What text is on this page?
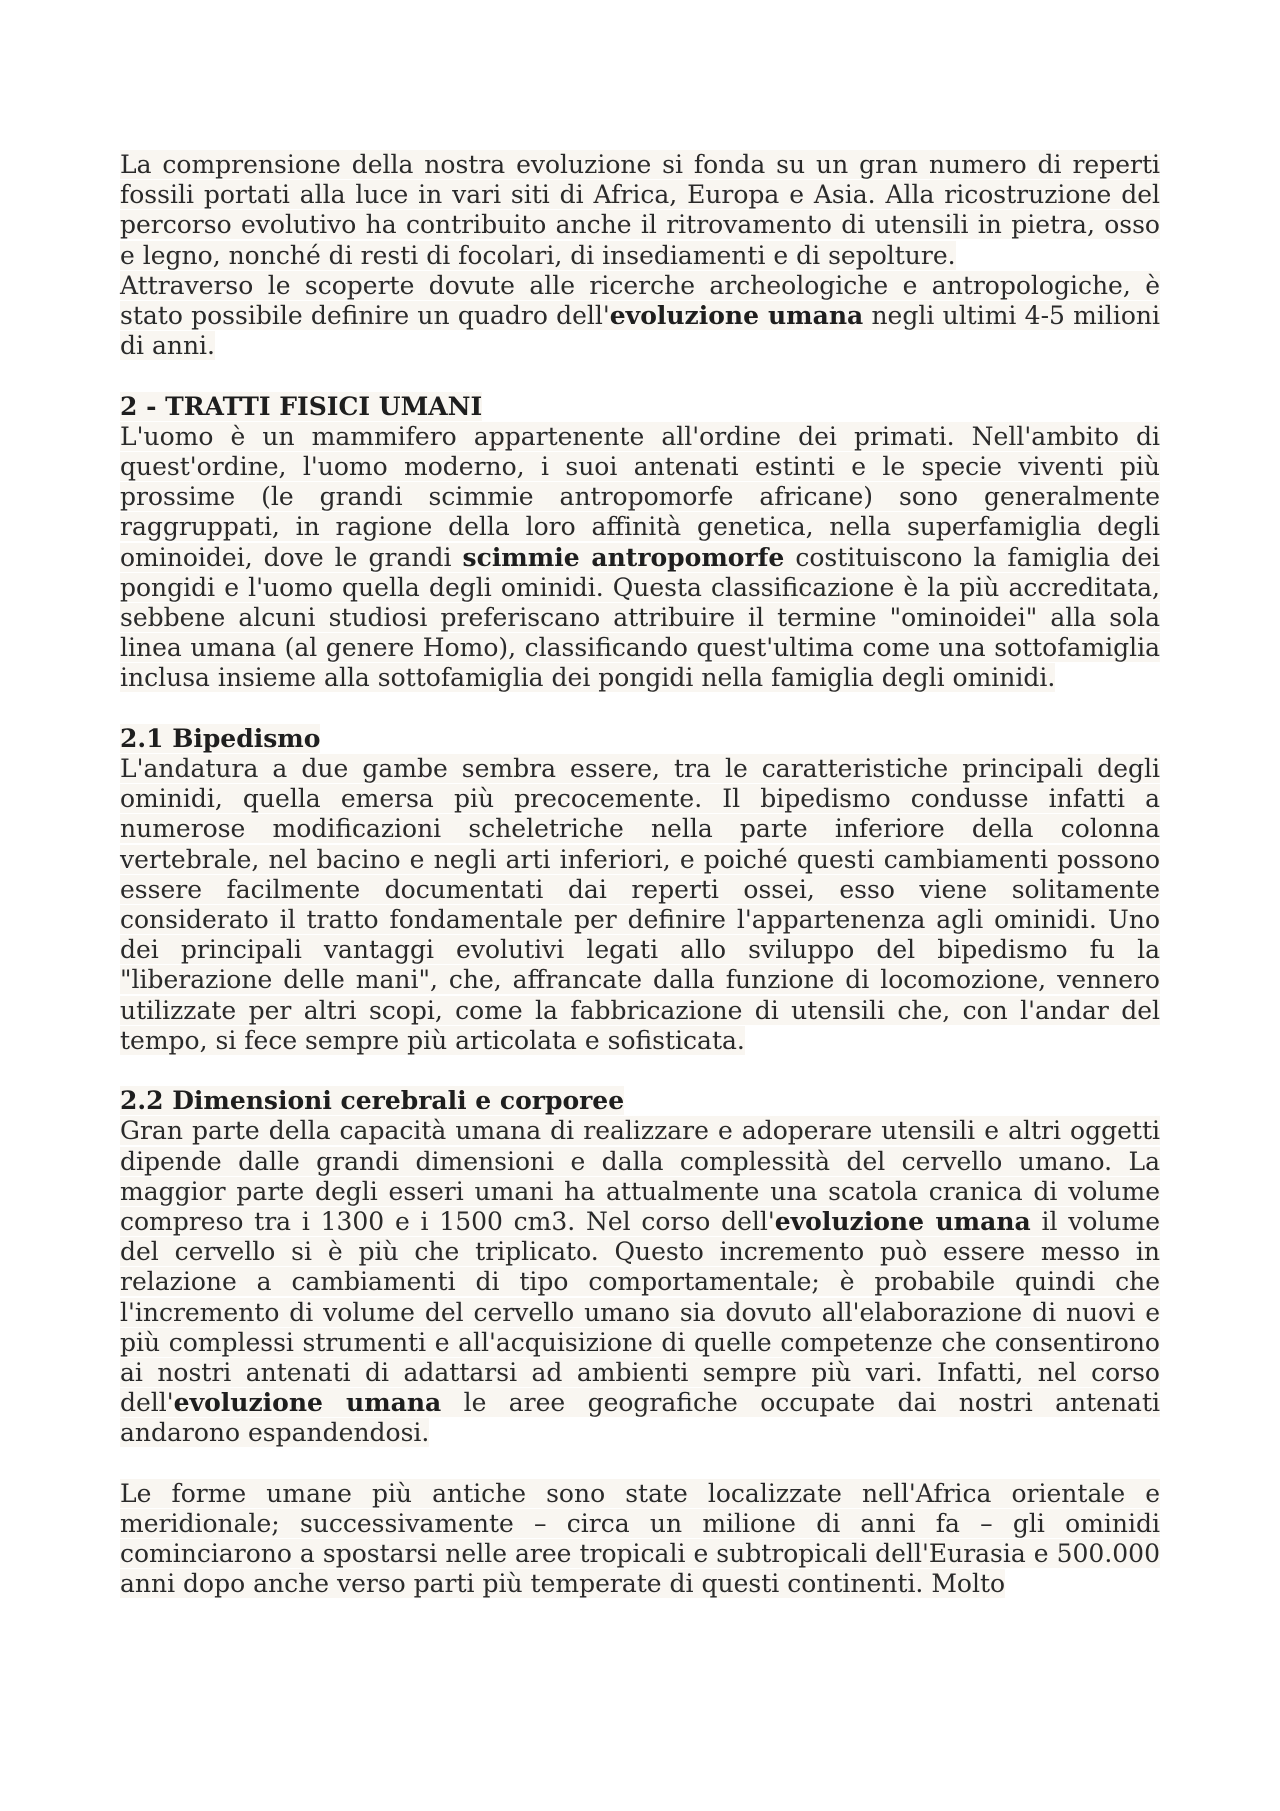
La comprensione della nostra evoluzione si fonda su un gran numero di reperti fossili portati alla luce in vari siti di Africa, Europa e Asia. Alla ricostruzione del percorso evolutivo ha contribuito anche il ritrovamento di utensili in pietra, osso e legno, nonché di resti di focolari, di insediamenti e di sepolture.

Attraverso le scoperte dovute alle ricerche archeologiche e antropologiche, è stato possibile definire un quadro dell'evoluzione umana negli ultimi 4-5 milioni di anni.

2 - TRATTI FISICI UMANI

L'uomo è un mammifero appartenente all'ordine dei primati. Nell'ambito di quest'ordine, l'uomo moderno, i suoi antenati estinti e le specie viventi più prossime (le grandi scimmie antropomorfe africane) sono generalmente raggruppati, in ragione della loro affinità genetica, nella superfamiglia degli ominoidei, dove le grandi scimmie antropomorfe costituiscono la famiglia dei pongidi e l'uomo quella degli ominidi. Questa classificazione è la più accreditata, sebbene alcuni studiosi preferiscano attribuire il termine "ominoidei" alla sola linea umana (al genere Homo), classificando quest'ultima come una sottofamiglia inclusa insieme alla sottofamiglia dei pongidi nella famiglia degli ominidi.

2.1 Bipedismo

L'andatura a due gambe sembra essere, tra le caratteristiche principali degli ominidi, quella emersa più precocemente. Il bipedismo condusse infatti a numerose modificazioni scheletriche nella parte inferiore della colonna vertebrale, nel bacino e negli arti inferiori, e poiché questi cambiamenti possono essere facilmente documentati dai reperti ossei, esso viene solitamente considerato il tratto fondamentale per definire l'appartenenza agli ominidi. Uno dei principali vantaggi evolutivi legati allo sviluppo del bipedismo fu la "liberazione delle mani", che, affrancate dalla funzione di locomozione, vennero utilizzate per altri scopi, come la fabbricazione di utensili che, con l'andar del tempo, si fece sempre più articolata e sofisticata.

2.2 Dimensioni cerebrali e corporee

Gran parte della capacità umana di realizzare e adoperare utensili e altri oggetti dipende dalle grandi dimensioni e dalla complessità del cervello umano. La maggior parte degli esseri umani ha attualmente una scatola cranica di volume compreso tra i 1300 e i 1500 cm3. Nel corso dell'evoluzione umana il volume del cervello si è più che triplicato. Questo incremento può essere messo in relazione a cambiamenti di tipo comportamentale; è probabile quindi che l'incremento di volume del cervello umano sia dovuto all'elaborazione di nuovi e più complessi strumenti e all'acquisizione di quelle competenze che consentirono ai nostri antenati di adattarsi ad ambienti sempre più vari. Infatti, nel corso dell'evoluzione umana le aree geografiche occupate dai nostri antenati andarono espandendosi.

Le forme umane più antiche sono state localizzate nell'Africa orientale e meridionale; successivamente – circa un milione di anni fa – gli ominidi cominciarono a spostarsi nelle aree tropicali e subtropicali dell'Eurasia e 500.000 anni dopo anche verso parti più temperate di questi continenti. Molto
